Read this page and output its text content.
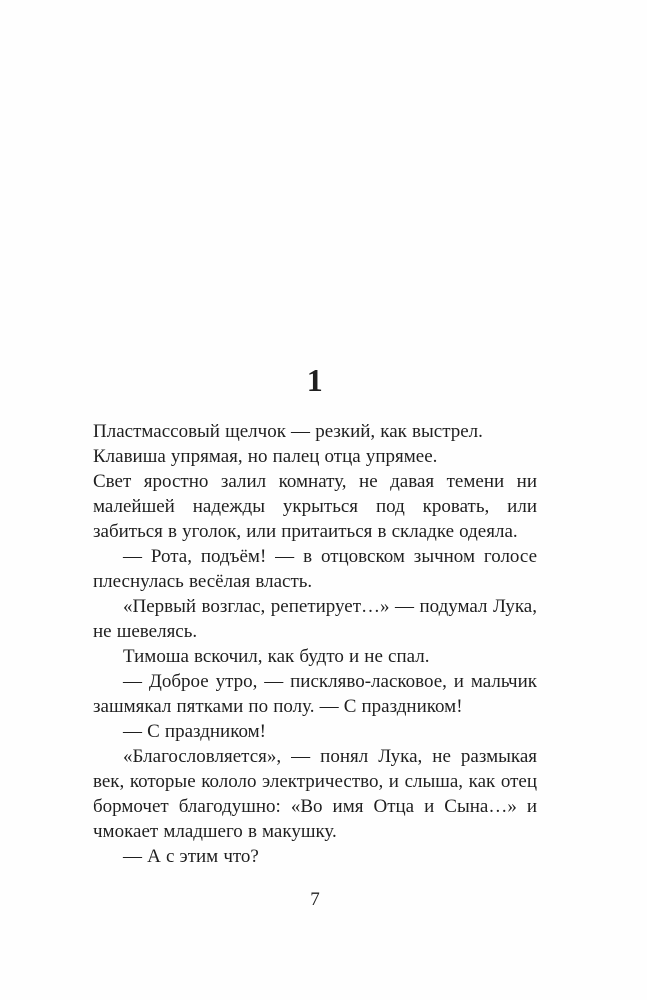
1

Пластмассовый щелчок — резкий, как выстрел.

Клавиша упрямая, но палец отца упрямее.

Свет яростно залил комнату, не давая темени ни малейшей надежды укрыться под кровать, или забиться в уголок, или притаиться в складке одеяла.

— Рота, подъём! — в отцовском зычном голосе плеснулась весёлая власть.

«Первый возглас, репетирует…» — подумал Лука, не шевелясь.

Тимоша вскочил, как будто и не спал.

— Доброе утро, — пискляво-ласковое, и мальчик зашмякал пятками по полу. — С праздником!

— С праздником!

«Благословляется», — понял Лука, не размыкая век, которые кололо электричество, и слыша, как отец бормочет благодушно: «Во имя Отца и Сына…» и чмокает младшего в макушку.

— А с этим что?

7
